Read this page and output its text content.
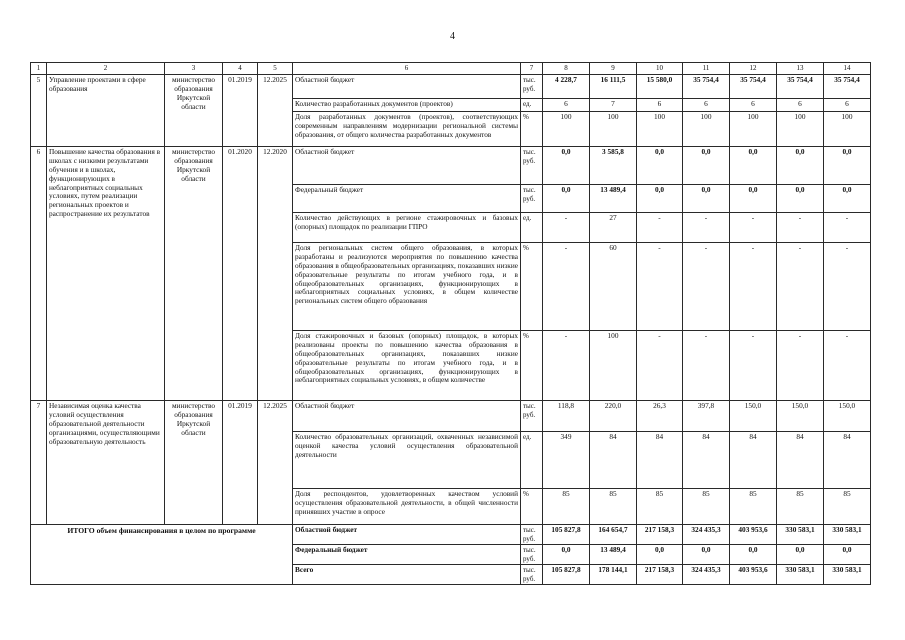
4
1	2	3	4	5	6	7	8	9	10	11	12	13	14
5	Управление проектами в сфере образования	министерство образования Иркутской области	01.2019	12.2025	Областной бюджет	тыс. руб.	4 228,7	16 111,5	15 580,0	35 754,4	35 754,4	35 754,4	35 754,4
					Количество разработанных документов (проектов)	ед.	6	7	6	6	6	6	6
					Доля разработанных документов (проектов), соответствующих современным направлениям модернизации региональной системы образования, от общего количества разработанных документов	%	100	100	100	100	100	100	100
6	Повышение качества образования в школах с низкими результатами обучения и в школах, функционирующих в неблагоприятных социальных условиях, путем реализации региональных проектов и распространение их результатов	министерство образования Иркутской области	01.2020	12.2020	Областной бюджет	тыс. руб.	0,0	3 585,8	0,0	0,0	0,0	0,0	0,0
					Федеральный бюджет	тыс. руб.	0,0	13 489,4	0,0	0,0	0,0	0,0	0,0
					Количество действующих в регионе стажировочных и базовых (опорных) площадок по реализации ГПРО	ед.	-	27	-	-	-	-	-
					Доля региональных систем общего образования, в которых разработаны и реализуются мероприятия по повышению качества образования в общеобразовательных организациях, показавших низкие образовательные результаты по итогам учебного года, и в общеобразовательных организациях, функционирующих в неблагоприятных социальных условиях, в общем количестве региональных систем общего образования	%	-	60	-	-	-	-	-
					Доля стажировочных и базовых (опорных) площадок, в которых реализованы проекты по повышению качества образования в общеобразовательных организациях, показавших низкие образовательные результаты по итогам учебного года, и в общеобразовательных организациях, функционирующих в неблагоприятных социальных условиях, в общем количестве	%	-	100	-	-	-	-	-
7	Независимая оценка качества условий осуществления образовательной деятельности организациями, осуществляющими образовательную деятельность	министерство образования Иркутской области	01.2019	12.2025	Областной бюджет	тыс. руб.	118,8	220,0	26,3	397,8	150,0	150,0	150,0
					Количество образовательных организаций, охваченных независимой оценкой качества условий осуществления образовательной деятельности	ед.	349	84	84	84	84	84	84
					Доля респондентов, удовлетворенных качеством условий осуществления образовательной деятельности, в общей численности принявших участие в опросе	%	85	85	85	85	85	85	85
ИТОГО объем финансирования в целом по программе					Областной бюджет	тыс. руб.	105 827,8	164 654,7	217 158,3	324 435,3	403 953,6	330 583,1	330 583,1
					Федеральный бюджет	тыс. руб.	0,0	13 489,4	0,0	0,0	0,0	0,0	0,0
					Всего	тыс. руб.	105 827,8	178 144,1	217 158,3	324 435,3	403 953,6	330 583,1	330 583,1
